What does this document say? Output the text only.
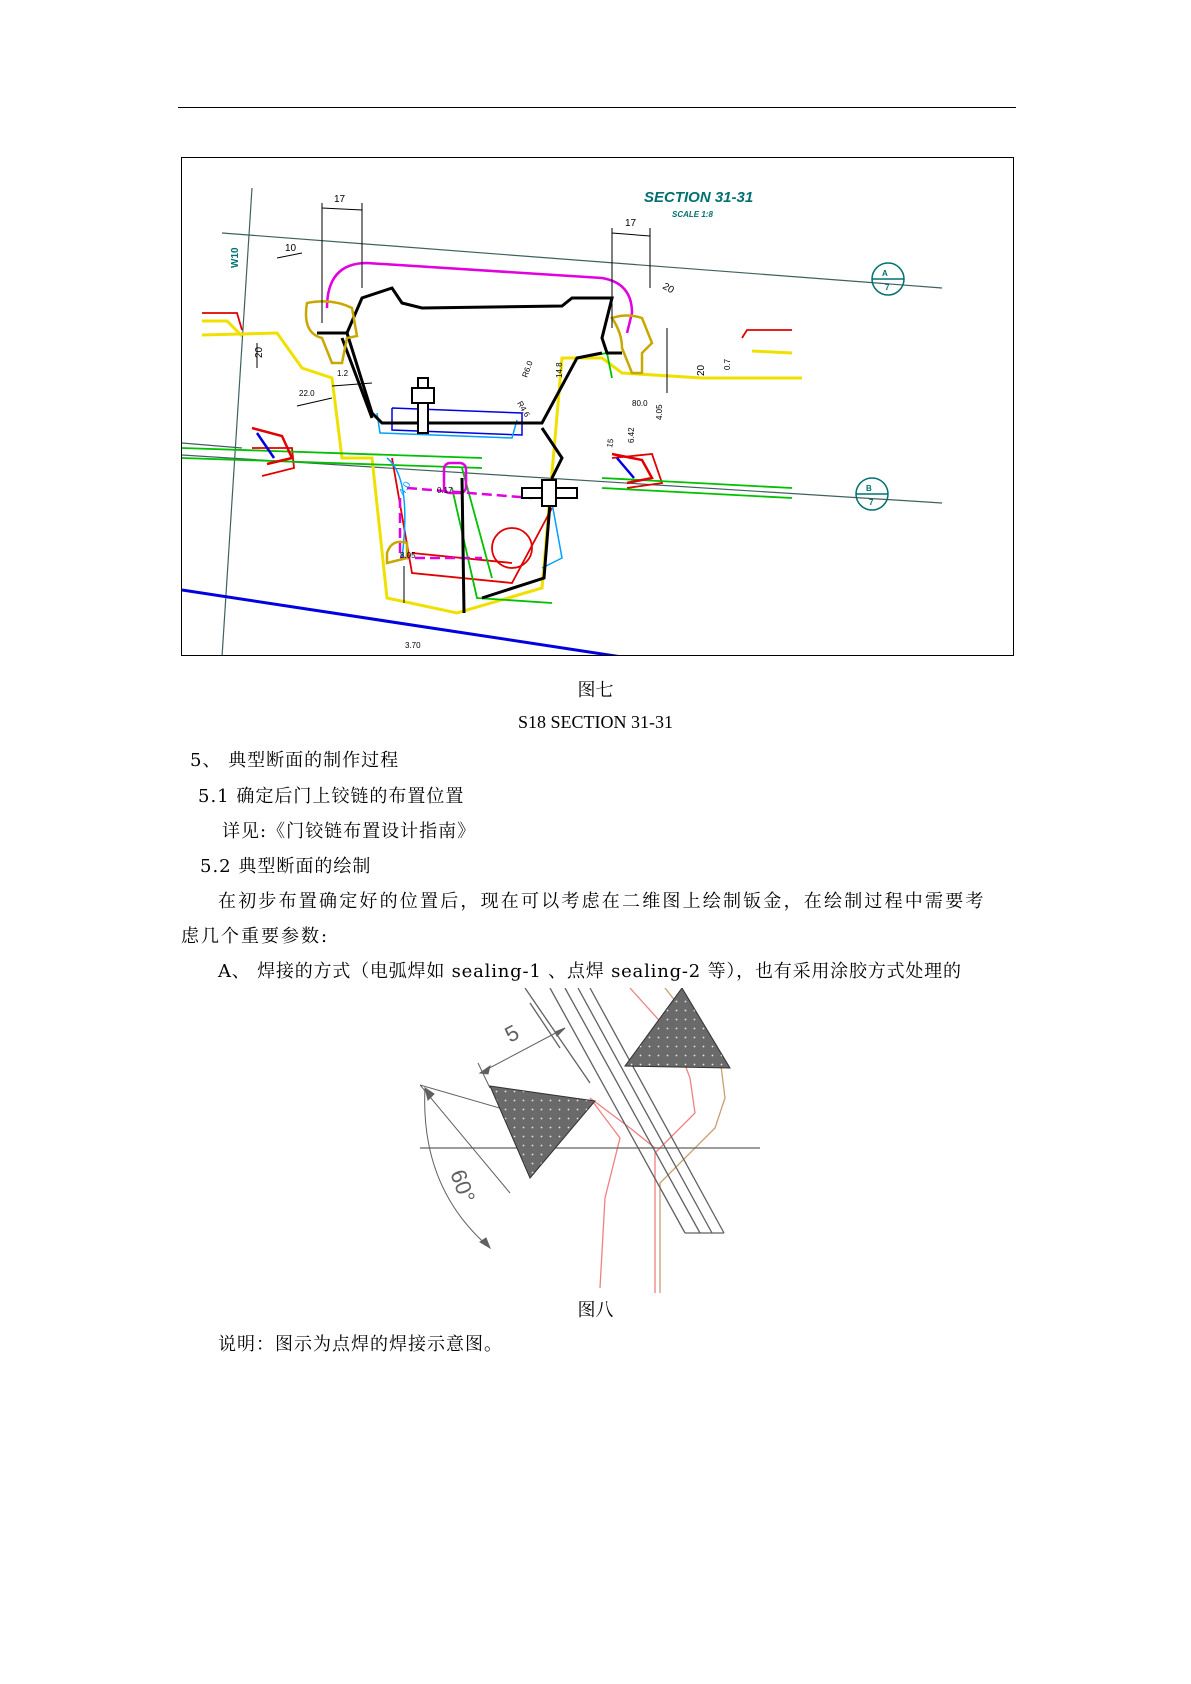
SECTION 31-31
SCALE 1:8
17
17
10
20
20
20
0.7
22.0
1.2	14.8
R6.0
R4.6	80.0
6.42
4.05
15
8.05
3.70
0.17
4.0
W10
A
7
B
7
图七
S18 SECTION 31-31
5、 典型断面的制作过程
5.1 确定后门上铰链的布置位置
详见:《门铰链布置设计指南》
5.2 典型断面的绘制
在初步布置确定好的位置后，现在可以考虑在二维图上绘制钣金，在绘制过程中需要考
虑几个重要参数:
A、 焊接的方式（电弧焊如 sealing-1 、点焊 sealing-2 等），也有采用涂胶方式处理的
5
60°
图八
说明：图示为点焊的焊接示意图。
